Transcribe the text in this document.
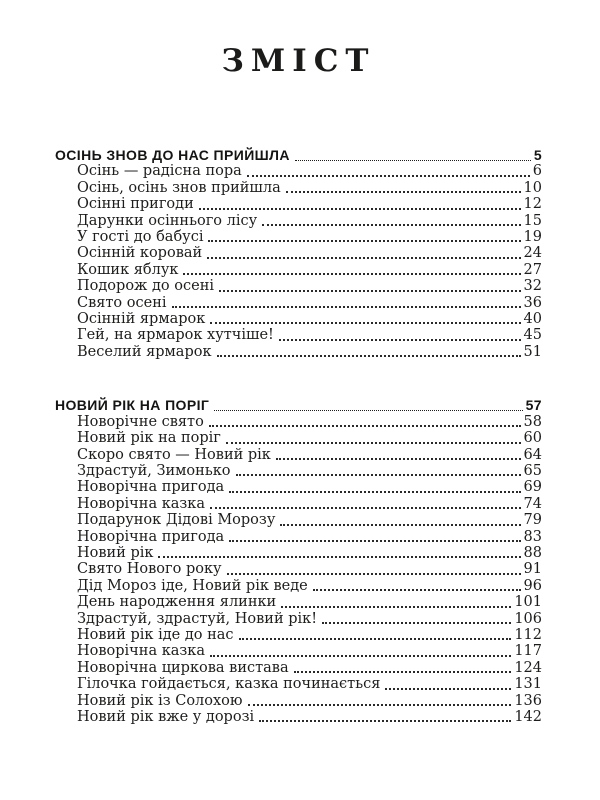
ЗМІСТ
ОСІНЬ ЗНОВ ДО НАС ПРИЙШЛА	5
Осінь — радісна пора	6
Осінь, осінь знов прийшла	10
Осінні пригоди	12
Дарунки осіннього лісу	15
У гості до бабусі	19
Осінній коровай	24
Кошик яблук	27
Подорож до осені	32
Свято осені	36
Осінній ярмарок	40
Гей, на ярмарок хутчіше!	45
Веселий ярмарок	51
НОВИЙ РІК НА ПОРІГ	57
Новорічне свято	58
Новий рік на поріг	60
Скоро свято — Новий рік	64
Здрастуй, Зимонько	65
Новорічна пригода	69
Новорічна казка	74
Подарунок Дідові Морозу	79
Новорічна пригода	83
Новий рік	88
Свято Нового року	91
Дід Мороз іде, Новий рік веде	96
День народження ялинки	101
Здрастуй, здрастуй, Новий рік!	106
Новий рік іде до нас	112
Новорічна казка	117
Новорічна циркова вистава	124
Гілочка гойдається, казка починається	131
Новий рік із Солохою	136
Новий рік вже у дорозі	142
